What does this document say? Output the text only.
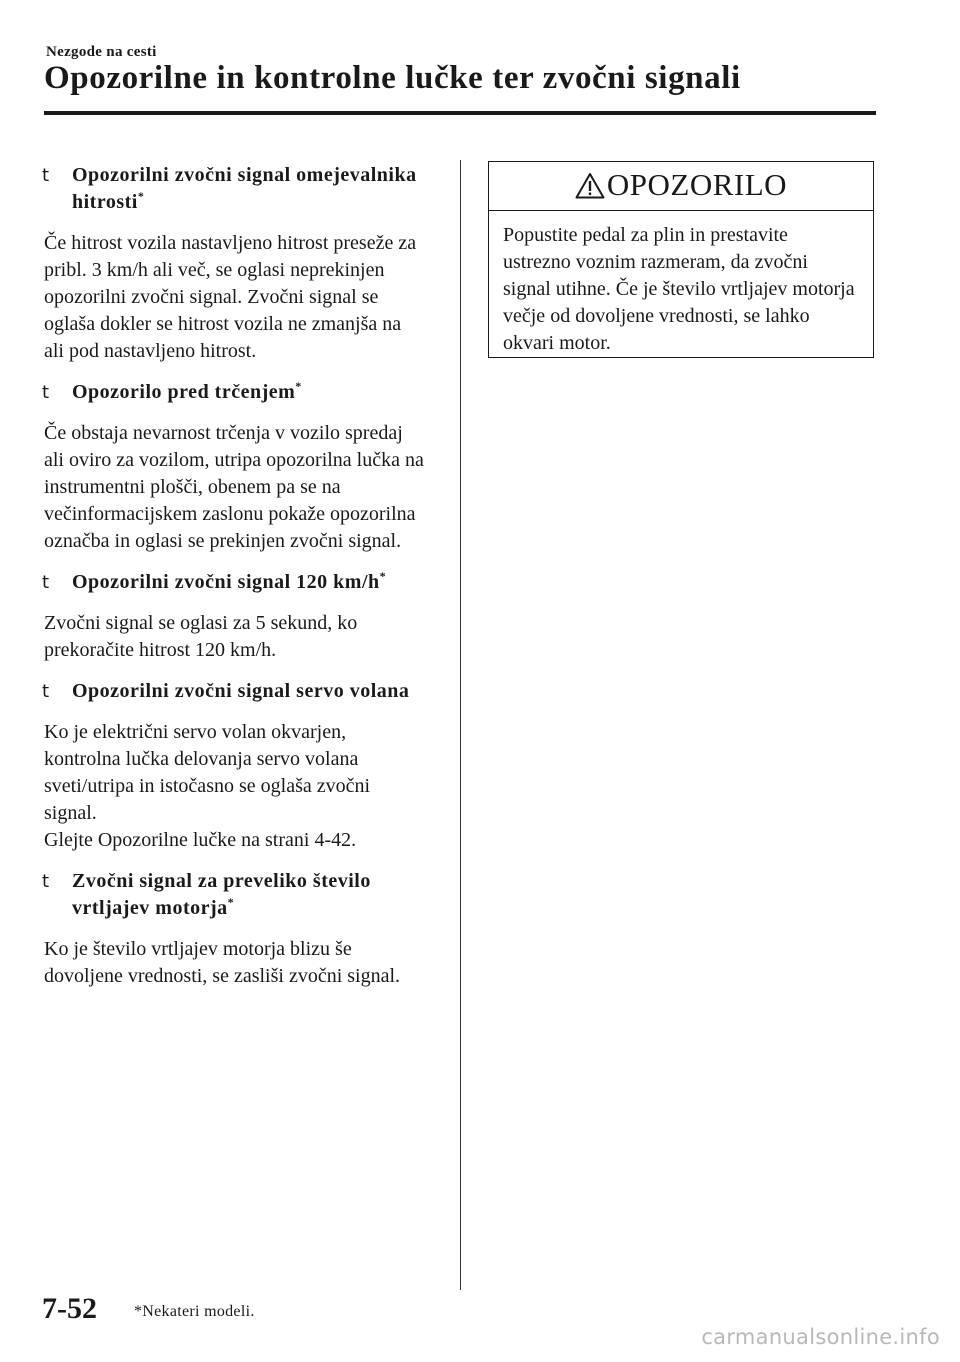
Nezgode na cesti
Opozorilne in kontrolne lučke ter zvočni signali
t Opozorilni zvočni signal omejevalnika hitrosti*

Če hitrost vozila nastavljeno hitrost preseže za pribl. 3 km/h ali več, se oglasi neprekinjen opozorilni zvočni signal. Zvočni signal se oglaša dokler se hitrost vozila ne zmanjša na ali pod nastavljeno hitrost.

t Opozorilo pred trčenjem*

Če obstaja nevarnost trčenja v vozilo spredaj ali oviro za vozilom, utripa opozorilna lučka na instrumentni plošči, obenem pa se na večinformacijskem zaslonu pokaže opozorilna označba in oglasi se prekinjen zvočni signal.

t Opozorilni zvočni signal 120 km/h*

Zvočni signal se oglasi za 5 sekund, ko prekoračite hitrost 120 km/h.

t Opozorilni zvočni signal servo volana

Ko je električni servo volan okvarjen, kontrolna lučka delovanja servo volana sveti/utripa in istočasno se oglaša zvočni signal.

Glejte Opozorilne lučke na strani 4-42.

t Zvočni signal za preveliko število vrtljajev motorja*

Ko je število vrtljajev motorja blizu še dovoljene vrednosti, se zasliši zvočni signal.

OPOZORILO
Popustite pedal za plin in prestavite ustrezno voznim razmeram, da zvočni signal utihne. Če je število vrtljajev motorja večje od dovoljene vrednosti, se lahko okvari motor.
7-52 *Nekateri modeli.
carmanualsonline.info
